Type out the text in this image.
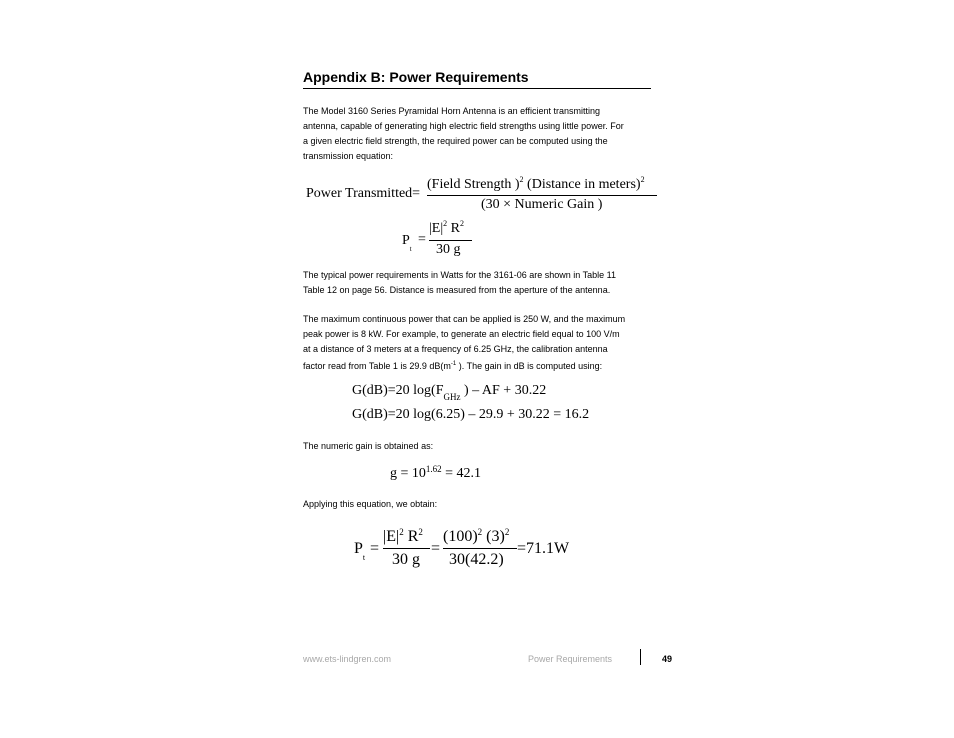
Appendix B: Power Requirements

The Model 3160 Series Pyramidal Horn Antenna is an efficient transmitting

antenna, capable of generating high electric field strengths using little power. For

a given electric field strength, the required power can be computed using the

transmission equation:

Power Transmitted=
(Field Strength )$^2$ (Distance in meters)$^2$
(30 × Numeric Gain )
$P_t$
=
$|E|^2$ $R^2$
30 g

The typical power requirements in Watts for the 3161-06 are shown in Table 11

Table 12 on page 56. Distance is measured from the aperture of the antenna.

The maximum continuous power that can be applied is 250 W, and the maximum

peak power is 8 kW. For example, to generate an electric field equal to 100 V/m

at a distance of 3 meters at a frequency of 6.25 GHz, the calibration antenna

factor read from Table 1 is 29.9 $dB(m^{-1}$ ). The gain in dB is computed using:

G(dB)=20 $\log(F_{GHz}$ ) – AF + 30.22
G(dB)=20 log(6.25) – 29.9 + 30.22 = 16.2
The numeric gain is obtained as:
$g = 10^{1.62} = 42.1$
Applying this equation, we obtain:
$P_t$
=
$|E|^2$ $R^2$
30 g
=
$(100)^2$ $(3)^2$
30(42.2)
=71.1W
www.ets-lindgren.com	Power Requirements	49
